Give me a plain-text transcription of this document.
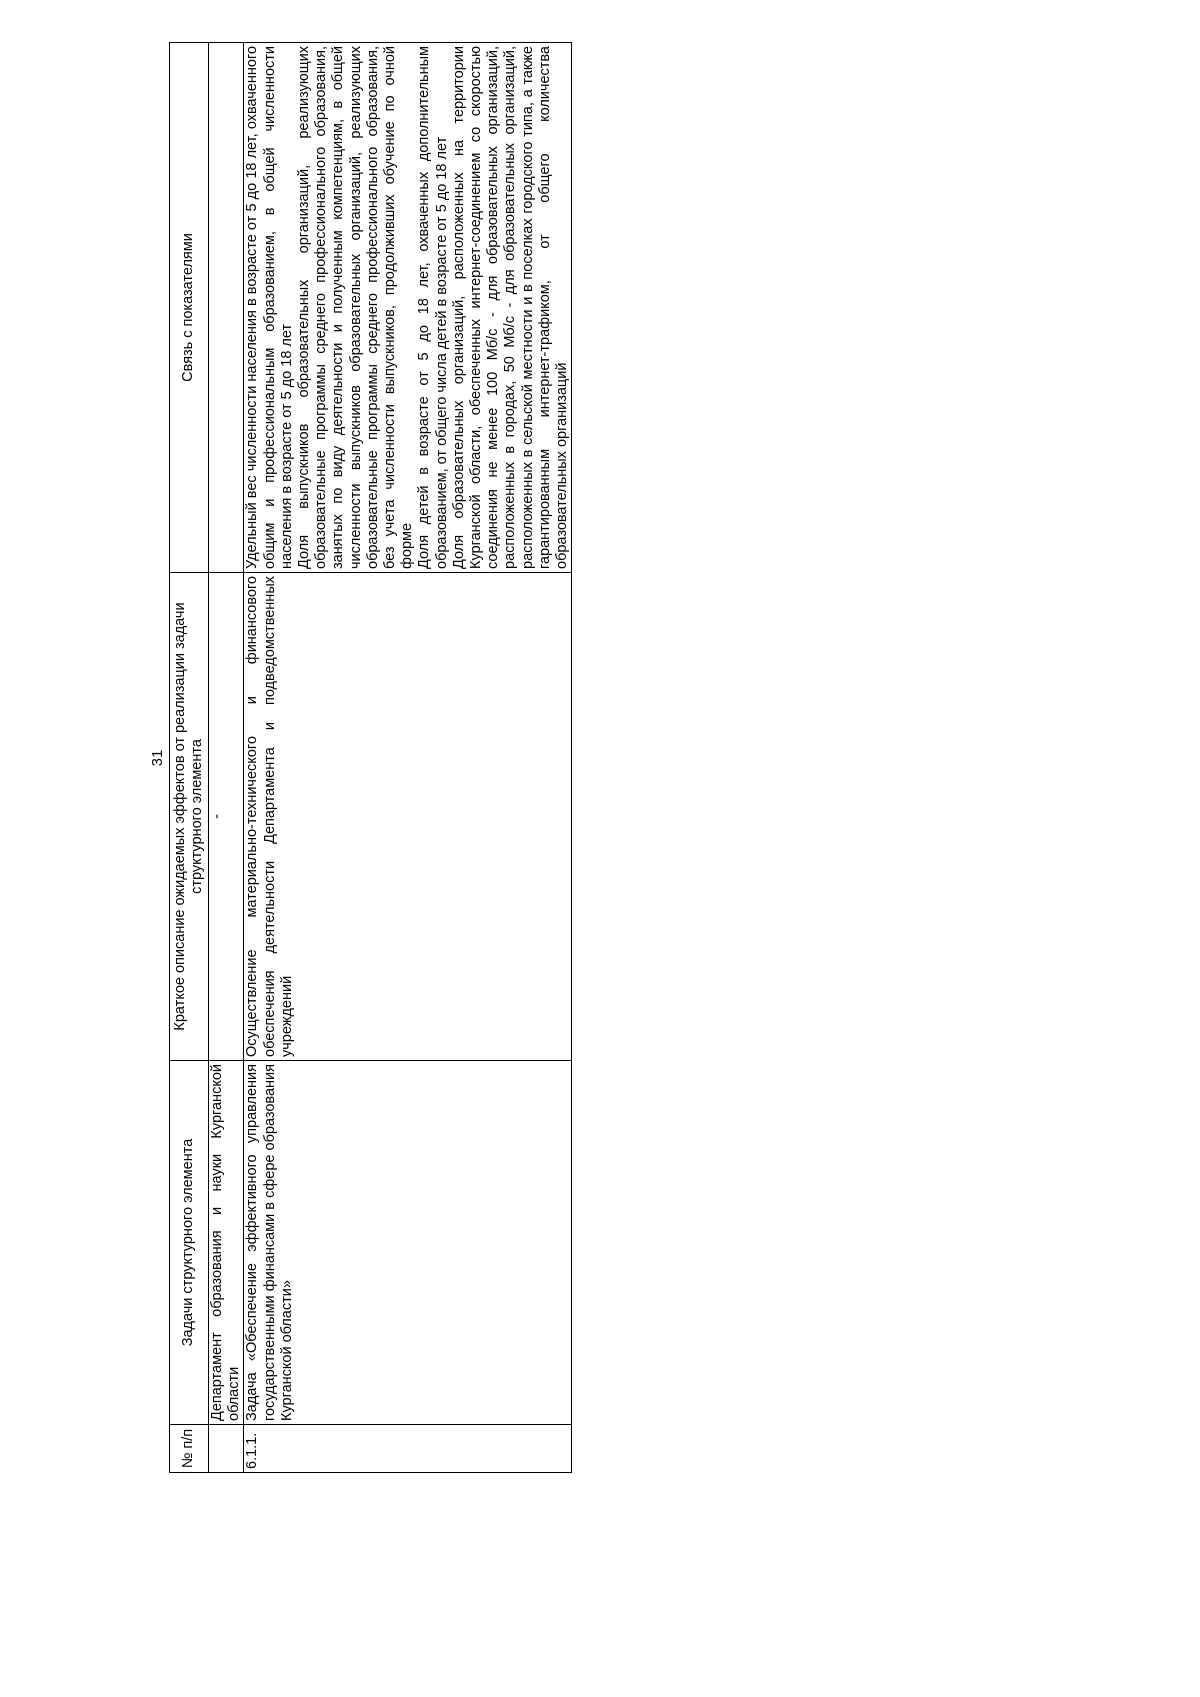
31
№ п/п	Задачи структурного элемента	Краткое описание ожидаемых эффектов от реализации задачи структурного элемента	Связь с показателями
	Департамент образования и науки Курганской области	-	
6.1.1.	Задача «Обеспечение эффективного управления государственными финансами в сфере образования Курганской области»	Осуществление материально-технического и финансового обеспечения деятельности Департамента и подведомственных учреждений	Удельный вес численности населения в возрасте от 5 до 18 лет, охваченного общим и профессиональным образованием, в общей численности населения в возрасте от 5 до 18 лет Доля выпускников образовательных организаций, реализующих образовательные программы среднего профессионального образования, занятых по виду деятельности и полученным компетенциям, в общей численности выпускников образовательных организаций, реализующих образовательные программы среднего профессионального образования, без учета численности выпускников, продолживших обучение по очной форме Доля детей в возрасте от 5 до 18 лет, охваченных дополнительным образованием, от общего числа детей в возрасте от 5 до 18 лет Доля образовательных организаций, расположенных на территории Курганской области, обеспеченных интернет-соединением со скоростью соединения не менее 100 Мб/с - для образовательных организаций, расположенных в городах, 50 Мб/с - для образовательных организаций, расположенных в сельской местности и в поселках городского типа, а также гарантированным интернет-трафиком, от общего количества образовательных организаций
